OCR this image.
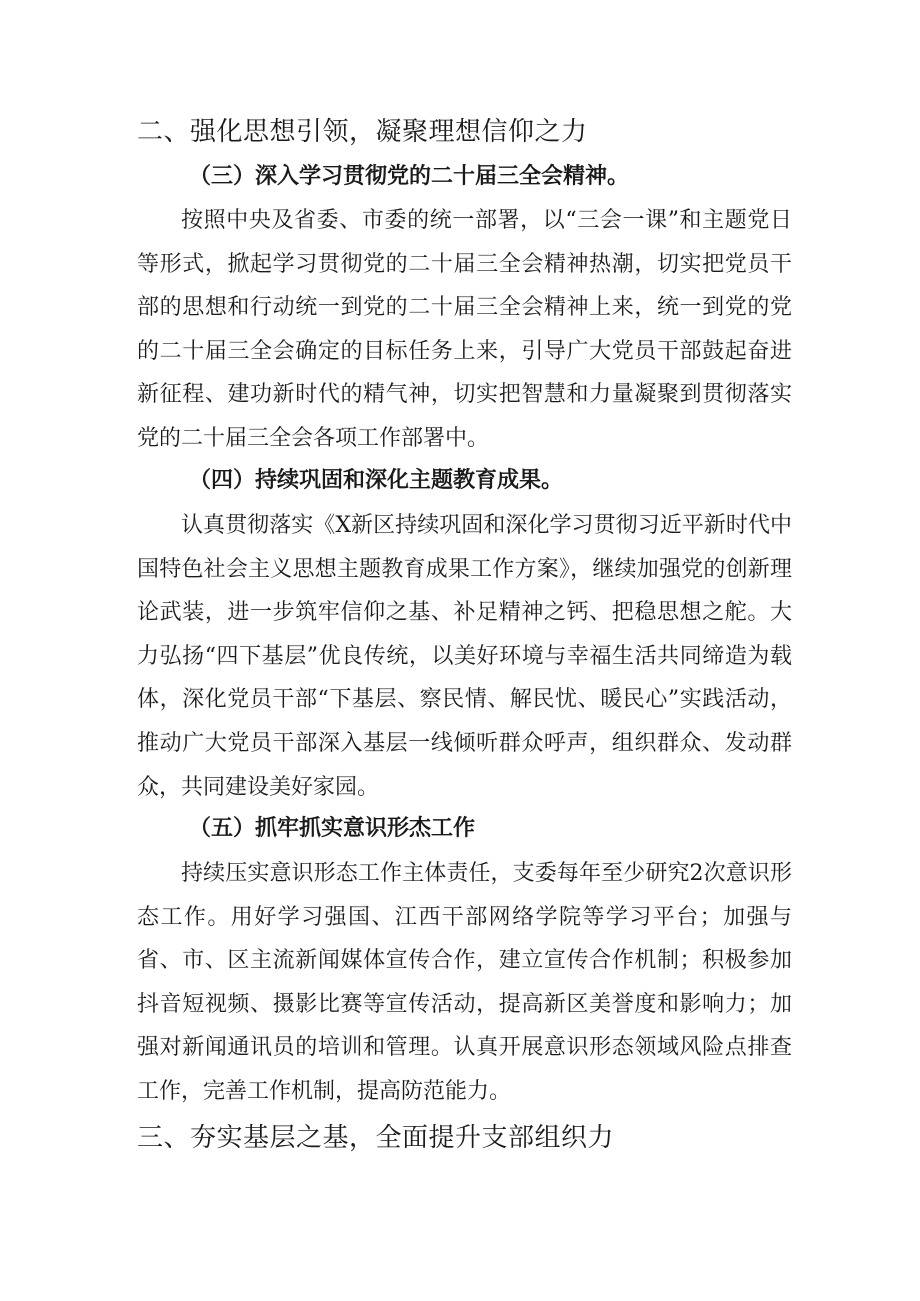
二、强化思想引领，凝聚理想信仰之力
（三）深入学习贯彻党的二十届三全会精神。

按照中央及省委、市委的统一部署，以“三会一课”和主题党日等形式，掀起学习贯彻党的二十届三全会精神热潮，切实把党员干部的思想和行动统一到党的二十届三全会精神上来，统一到党的党的二十届三全会确定的目标任务上来，引导广大党员干部鼓起奋进新征程、建功新时代的精气神，切实把智慧和力量凝聚到贯彻落实党的二十届三全会各项工作部署中。

（四）持续巩固和深化主题教育成果。

认真贯彻落实《X新区持续巩固和深化学习贯彻习近平新时代中国特色社会主义思想主题教育成果工作方案》，继续加强党的创新理论武装，进一步筑牢信仰之基、补足精神之钙、把稳思想之舵。大力弘扬“四下基层”优良传统，以美好环境与幸福生活共同缔造为载体，深化党员干部“下基层、察民情、解民忧、暖民心”实践活动，推动广大党员干部深入基层一线倾听群众呼声，组织群众、发动群众，共同建设美好家园。

（五）抓牢抓实意识形杰工作

持续压实意识形态工作主体责任，支委每年至少研究2次意识形态工作。用好学习强国、江西干部网络学院等学习平台；加强与省、市、区主流新闻媒体宣传合作，建立宣传合作机制；积极参加抖音短视频、摄影比赛等宣传活动，提高新区美誉度和影响力；加强对新闻通讯员的培训和管理。认真开展意识形态领域风险点排查工作，完善工作机制，提高防范能力。

三、夯实基层之基，全面提升支部组织力
